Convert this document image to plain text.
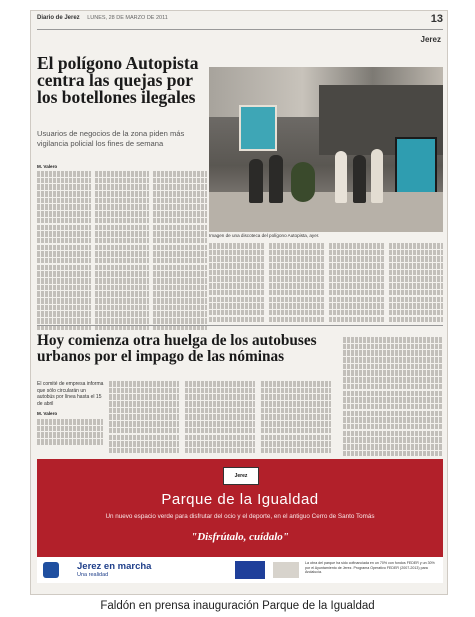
Diario de Jerez LUNES, 28 DE MARZO DE 2011	13
Jerez
El polígono Autopista centra las quejas por los botellones ilegales
Usuarios de negocios de la zona piden más vigilancia policial los fines de semana
Imagen de una discoteca del polígono Autopista, ayer.
M. Valero
Hoy comienza otra huelga de los autobuses urbanos por el impago de las nóminas
El comité de empresa informa que sólo circularán un autobús por línea hasta el 15 de abril
M. Valero
Jerez
Parque de la Igualdad
Un nuevo espacio verde para disfrutar del ocio y el deporte, en el antiguo Cerro de Santo Tomás
"Disfrútalo, cuídalo"
Jerez en marcha
Una realidad
La obra del parque ha sido cofinanciada en un 70% con fondos FEDER y un 30% por el Ayuntamiento de Jerez. Programa Operativo FEDER (2007-2013) para Andalucía.
Faldón en prensa inauguración Parque de la Igualdad
